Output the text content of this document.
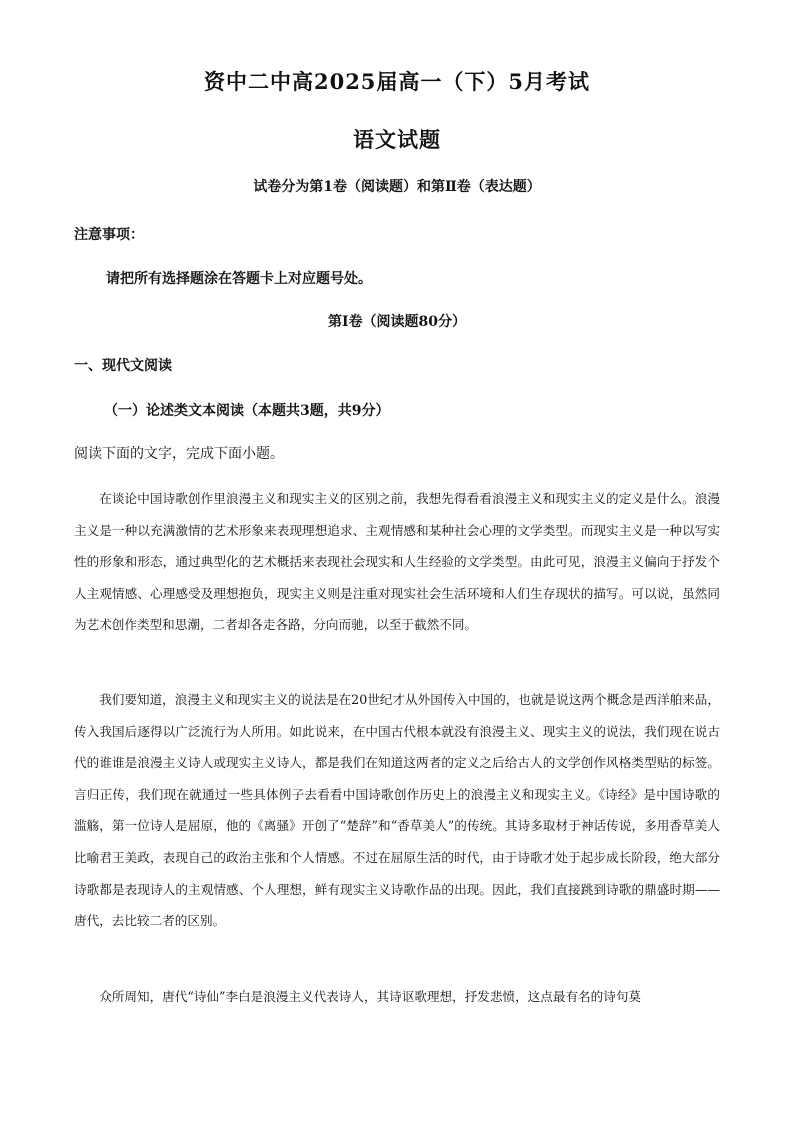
资中二中高2025届高一（下）5月考试
语文试题
试卷分为第1卷（阅读题）和第Ⅱ卷（表达题）
注意事项：
请把所有选择题涂在答题卡上对应题号处。
第Ⅰ卷（阅读题80分）
一、现代文阅读
（一）论述类文本阅读（本题共3题，共9分）
阅读下面的文字，完成下面小题。

在谈论中国诗歌创作里浪漫主义和现实主义的区别之前，我想先得看看浪漫主义和现实主义的定义是什么。浪漫主义是一种以充满激情的艺术形象来表现理想追求、主观情感和某种社会心理的文学类型。而现实主义是一种以写实性的形象和形态，通过典型化的艺术概括来表现社会现实和人生经验的文学类型。由此可见，浪漫主义偏向于抒发个人主观情感、心理感受及理想抱负，现实主义则是注重对现实社会生活环境和人们生存现状的描写。可以说，虽然同为艺术创作类型和思潮，二者却各走各路，分向而驰，以至于截然不同。

我们要知道，浪漫主义和现实主义的说法是在20世纪才从外国传入中国的，也就是说这两个概念是西洋舶来品，传入我国后逐得以广泛流行为人所用。如此说来，在中国古代根本就没有浪漫主义、现实主义的说法，我们现在说古代的谁谁是浪漫主义诗人或现实主义诗人，都是我们在知道这两者的定义之后给古人的文学创作风格类型贴的标签。言归正传，我们现在就通过一些具体例子去看看中国诗歌创作历史上的浪漫主义和现实主义。《诗经》是中国诗歌的滥觞，第一位诗人是屈原，他的《离骚》开创了“楚辞”和“香草美人”的传统。其诗多取材于神话传说，多用香草美人比喻君王美政，表现自己的政治主张和个人情感。不过在屈原生活的时代，由于诗歌才处于起步成长阶段，绝大部分诗歌都是表现诗人的主观情感、个人理想，鲜有现实主义诗歌作品的出现。因此，我们直接跳到诗歌的鼎盛时期——唐代，去比较二者的区别。

众所周知，唐代“诗仙”李白是浪漫主义代表诗人，其诗讴歌理想，抒发悲愤，这点最有名的诗句莫
